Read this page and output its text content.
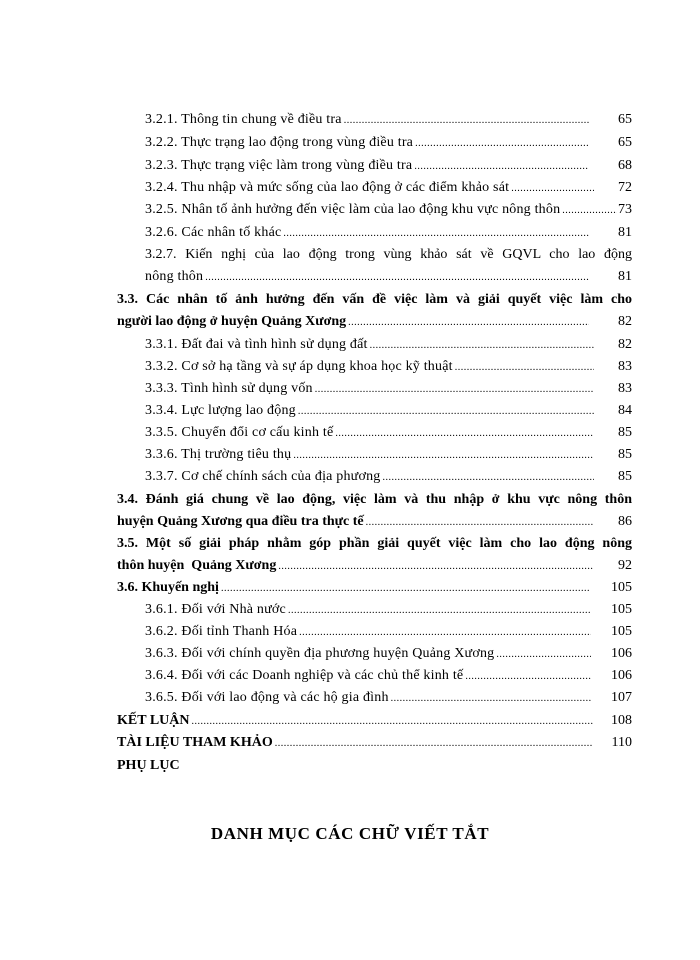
3.2.1. Thông tin chung về điều tra .....	65
3.2.2. Thực trạng lao động trong vùng điều tra .....	65
3.2.3. Thực trạng việc làm trong vùng điều tra .....	68
3.2.4. Thu nhập và mức sống của lao động ở các điểm khảo sát .....	72
3.2.5. Nhân tố ảnh hưởng đến việc làm của lao động khu vực nông thôn .....	73
3.2.6. Các nhân tố khác .....	81
3.2.7. Kiến nghị của lao động trong vùng khảo sát về GQVL cho lao động
nông thôn .....	81
3.3. Các nhân tố ảnh hưởng đến vấn đề việc làm và giải quyết việc làm cho
người lao động ở huyện Quảng Xương .....	82
3.3.1. Đất đai và tình hình sử dụng đất .....	82
3.3.2. Cơ sở hạ tầng và sự áp dụng khoa học kỹ thuật .....	83
3.3.3. Tình hình sử dụng vốn .....	83
3.3.4. Lực lượng lao động .....	84
3.3.5. Chuyển đổi cơ cấu kinh tế .....	85
3.3.6. Thị trường tiêu thụ .....	85
3.3.7. Cơ chế chính sách của địa phương .....	85
3.4. Đánh giá chung về lao động, việc làm và thu nhập ở khu vực nông thôn
huyện Quảng Xương qua điều tra thực tế .....	86
3.5. Một số giải pháp nhằm góp phần giải quyết việc làm cho lao động nông
thôn huyện  Quảng Xương .....	92
3.6. Khuyến nghị .....	105
3.6.1. Đối với Nhà nước .....	105
3.6.2. Đối tỉnh Thanh Hóa .....	105
3.6.3. Đối với chính quyền địa phương huyện Quảng Xương .....	106
3.6.4. Đối với các Doanh nghiệp và các chủ thể kinh tế .....	106
3.6.5. Đối với lao động và các hộ gia đình .....	107
KẾT LUẬN .....	108
TÀI LIỆU THAM KHẢO .....	110
PHỤ LỤC
DANH MỤC CÁC CHỮ VIẾT TẮT
